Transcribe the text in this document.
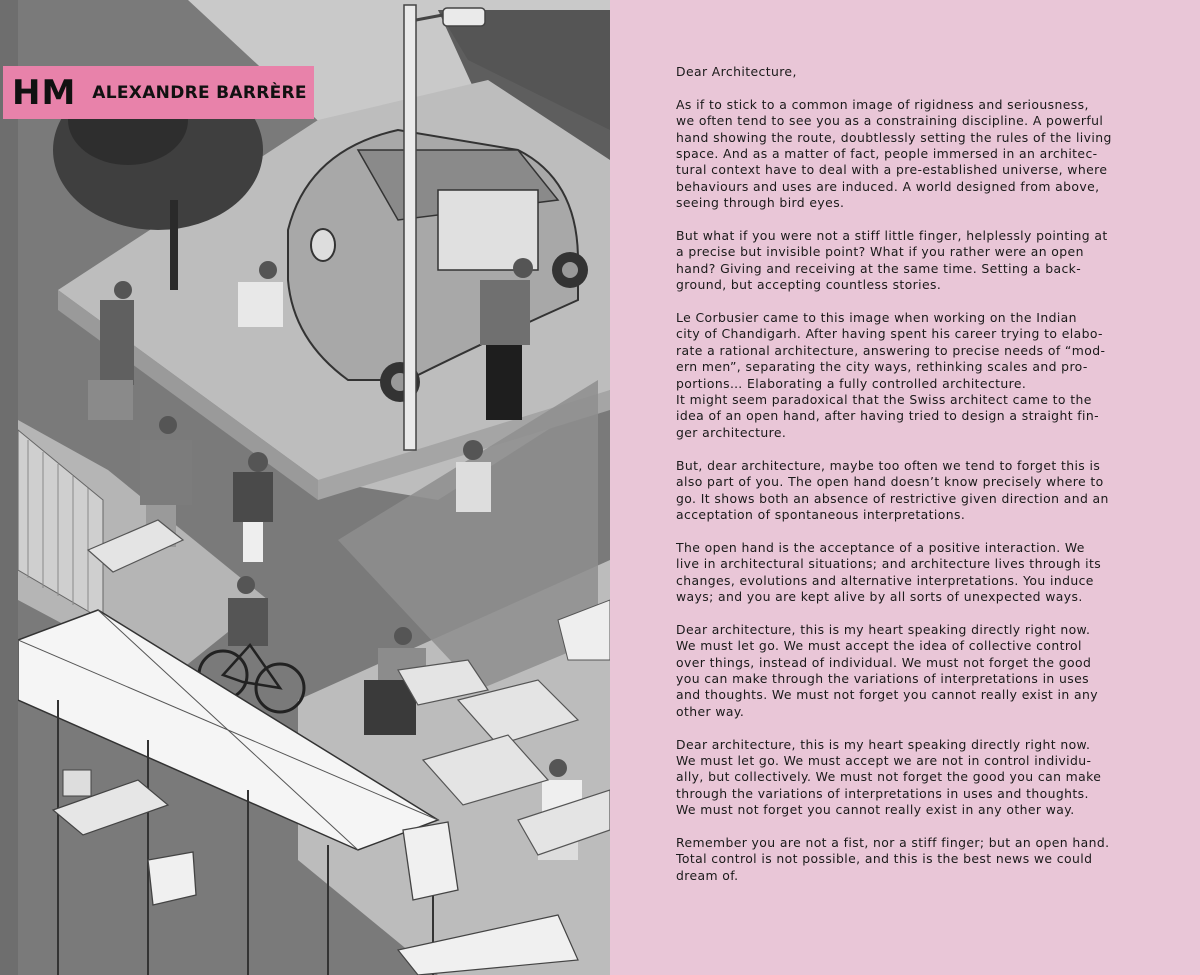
HM ALEXANDRE BARRÈRE

Dear Architecture,

As if to stick to a common image of rigidness and seriousness,
we often tend to see you as a constraining discipline. A powerful
hand showing the route, doubtlessly setting the rules of the living
space. And as a matter of fact, people immersed in an architec-
tural context have to deal with a pre-established universe, where
behaviours and uses are induced. A world designed from above,
seeing through bird eyes.

But what if you were not a stiff little finger, helplessly pointing at
a precise but invisible point? What if you rather were an open
hand? Giving and receiving at the same time. Setting a back-
ground, but accepting countless stories.

Le Corbusier came to this image when working on the Indian
city of Chandigarh. After having spent his career trying to elabo-
rate a rational architecture, answering to precise needs of “mod-
ern men”, separating the city ways, rethinking scales and pro-
portions… Elaborating a fully controlled architecture.
It might seem paradoxical that the Swiss architect came to the
idea of an open hand, after having tried to design a straight fin-
ger architecture.

But, dear architecture, maybe too often we tend to forget this is
also part of you. The open hand doesn’t know precisely where to
go. It shows both an absence of restrictive given direction and an
acceptation of spontaneous interpretations.

The open hand is the acceptance of a positive interaction. We
live in architectural situations; and architecture lives through its
changes, evolutions and alternative interpretations. You induce
ways; and you are kept alive by all sorts of unexpected ways.

Dear architecture, this is my heart speaking directly right now.
We must let go. We must accept the idea of collective control
over things, instead of individual. We must not forget the good
you can make through the variations of interpretations in uses
and thoughts. We must not forget you cannot really exist in any
other way.

Dear architecture, this is my heart speaking directly right now.
We must let go. We must accept we are not in control individu-
ally, but collectively. We must not forget the good you can make
through the variations of interpretations in uses and thoughts.
We must not forget you cannot really exist in any other way.

Remember you are not a fist, nor a stiff finger; but an open hand.
Total control is not possible, and this is the best news we could
dream of.
